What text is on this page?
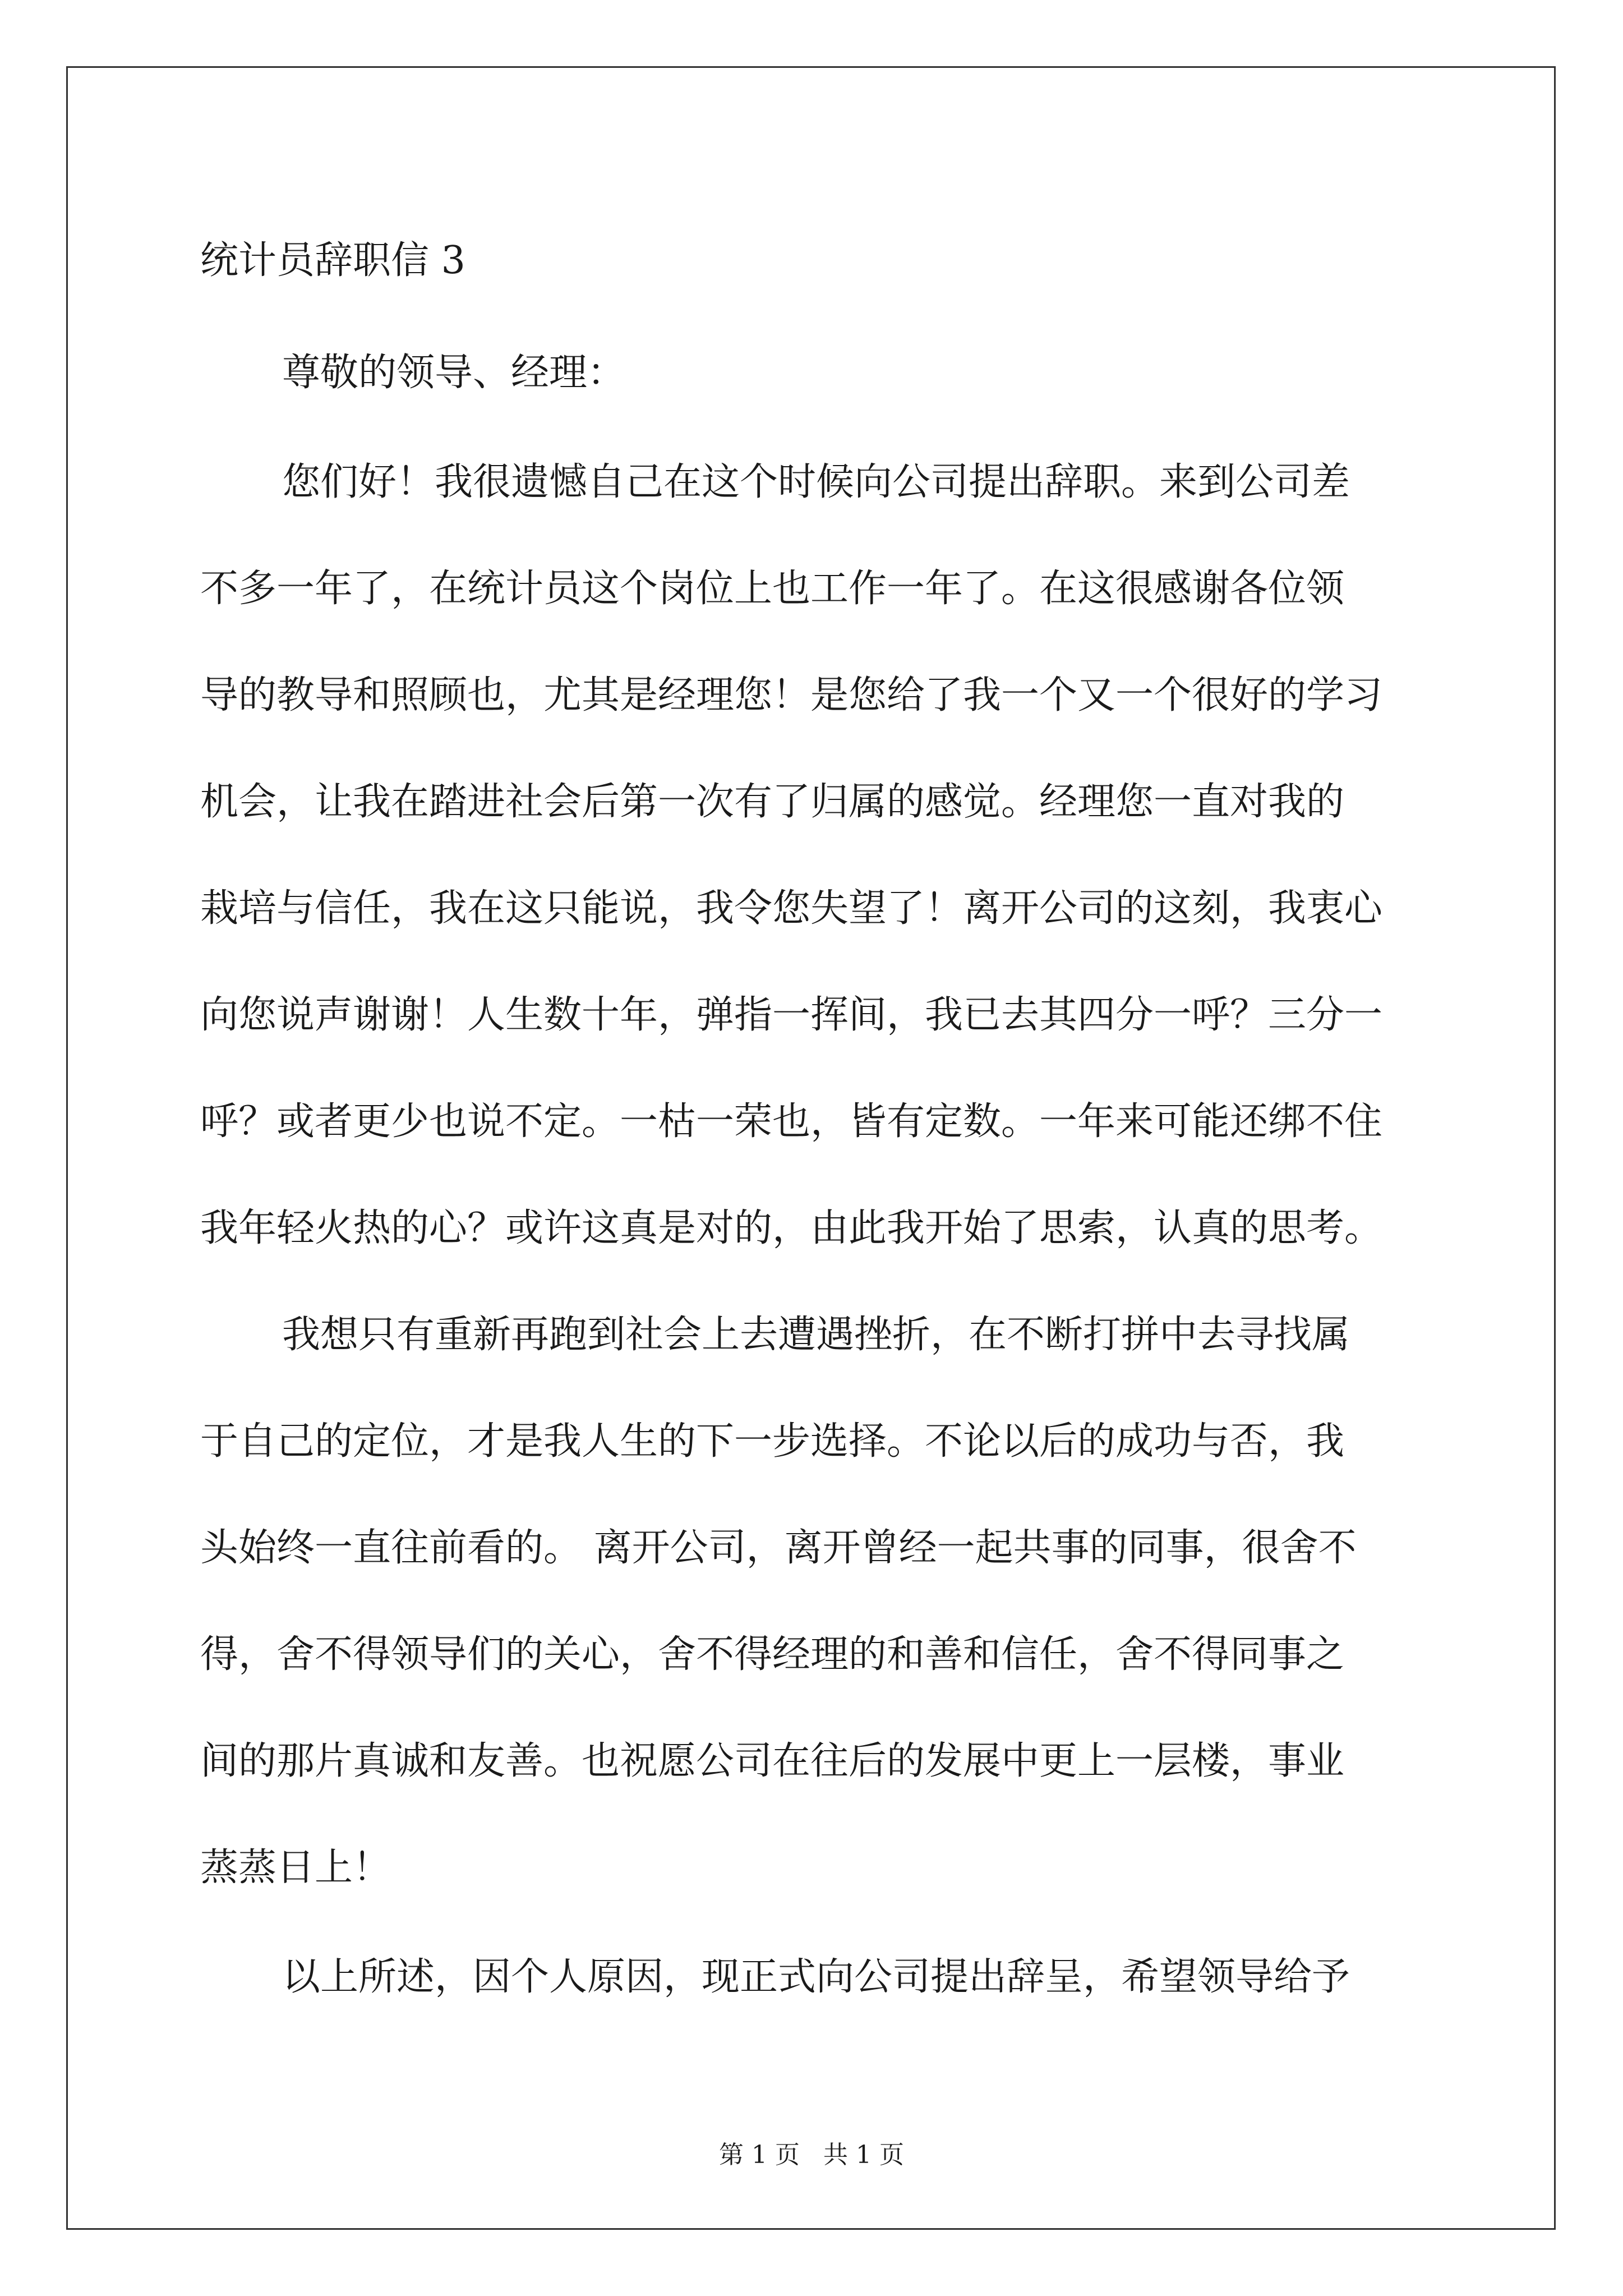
统计员辞职信 3

尊敬的领导、经理：

您们好！我很遗憾自己在这个时候向公司提出辞职。来到公司差

不多一年了，在统计员这个岗位上也工作一年了。在这很感谢各位领

导的教导和照顾也，尤其是经理您！是您给了我一个又一个很好的学习

机会，让我在踏进社会后第一次有了归属的感觉。经理您一直对我的

栽培与信任，我在这只能说，我令您失望了！离开公司的这刻，我衷心

向您说声谢谢！人生数十年，弹指一挥间，我已去其四分一呼？三分一

呼？或者更少也说不定。一枯一荣也，皆有定数。一年来可能还绑不住

我年轻火热的心？或许这真是对的，由此我开始了思索，认真的思考。

我想只有重新再跑到社会上去遭遇挫折，在不断打拼中去寻找属

于自己的定位，才是我人生的下一步选择。不论以后的成功与否，我

头始终一直往前看的。 离开公司，离开曾经一起共事的同事，很舍不

得，舍不得领导们的关心，舍不得经理的和善和信任，舍不得同事之

间的那片真诚和友善。也祝愿公司在往后的发展中更上一层楼，事业

蒸蒸日上！

以上所述，因个人原因，现正式向公司提出辞呈，希望领导给予

第 1 页   共 1 页
